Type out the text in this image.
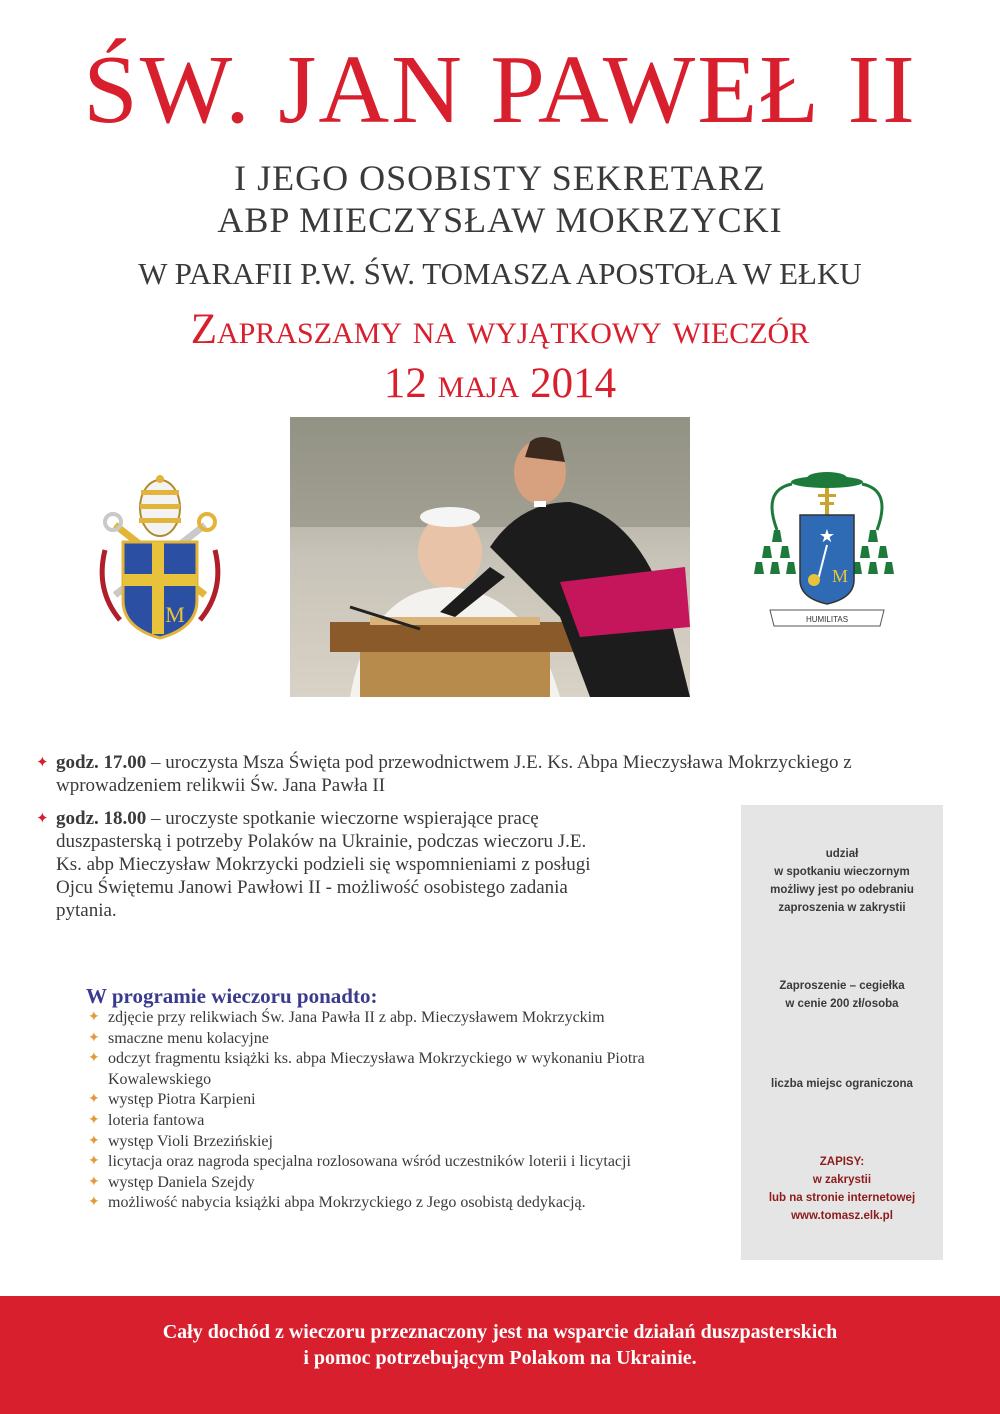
ŚW. JAN PAWEŁ II
I JEGO OSOBISTY SEKRETARZ
ABP MIECZYSŁAW MOKRZYCKI
W PARAFII P.W. ŚW. TOMASZA APOSTOŁA W EŁKU
Zapraszamy na wyjątkowy wieczór
12 maja 2014
M
★
M
HUMILITAS
✦ godz. 17.00 – uroczysta Msza Święta pod przewodnictwem J.E. Ks. Abpa Mieczysława Mokrzyckiego z wprowadzeniem relikwii Św. Jana Pawła II
✦ godz. 18.00 – uroczyste spotkanie wieczorne wspierające pracę duszpasterską i potrzeby Polaków na Ukrainie, podczas wieczoru J.E. Ks. abp Mieczysław Mokrzycki podzieli się wspomnieniami z posługi Ojcu Świętemu Janowi Pawłowi II - możliwość osobistego zadania pytania.
W programie wieczoru ponadto:
✦ zdjęcie przy relikwiach Św. Jana Pawła II z abp. Mieczysławem Mokrzyckim
✦ smaczne menu kolacyjne
✦ odczyt fragmentu książki ks. abpa Mieczysława Mokrzyckiego w wykonaniu Piotra Kowalewskiego
✦ występ Piotra Karpieni
✦ loteria fantowa
✦ występ Violi Brzezińskiej
✦ licytacja oraz nagroda specjalna rozlosowana wśród uczestników loterii i licytacji
✦ występ Daniela Szejdy
✦ możliwość nabycia książki abpa Mokrzyckiego z Jego osobistą dedykacją.
udział
w spotkaniu wieczornym
możliwy jest po odebraniu
zaproszenia w zakrystii
Zaproszenie – cegiełka
w cenie 200 zł/osoba
liczba miejsc ograniczona
ZAPISY:
w zakrystii
lub na stronie internetowej
www.tomasz.elk.pl
Cały dochód z wieczoru przeznaczony jest na wsparcie działań duszpasterskich
i pomoc potrzebującym Polakom na Ukrainie.
